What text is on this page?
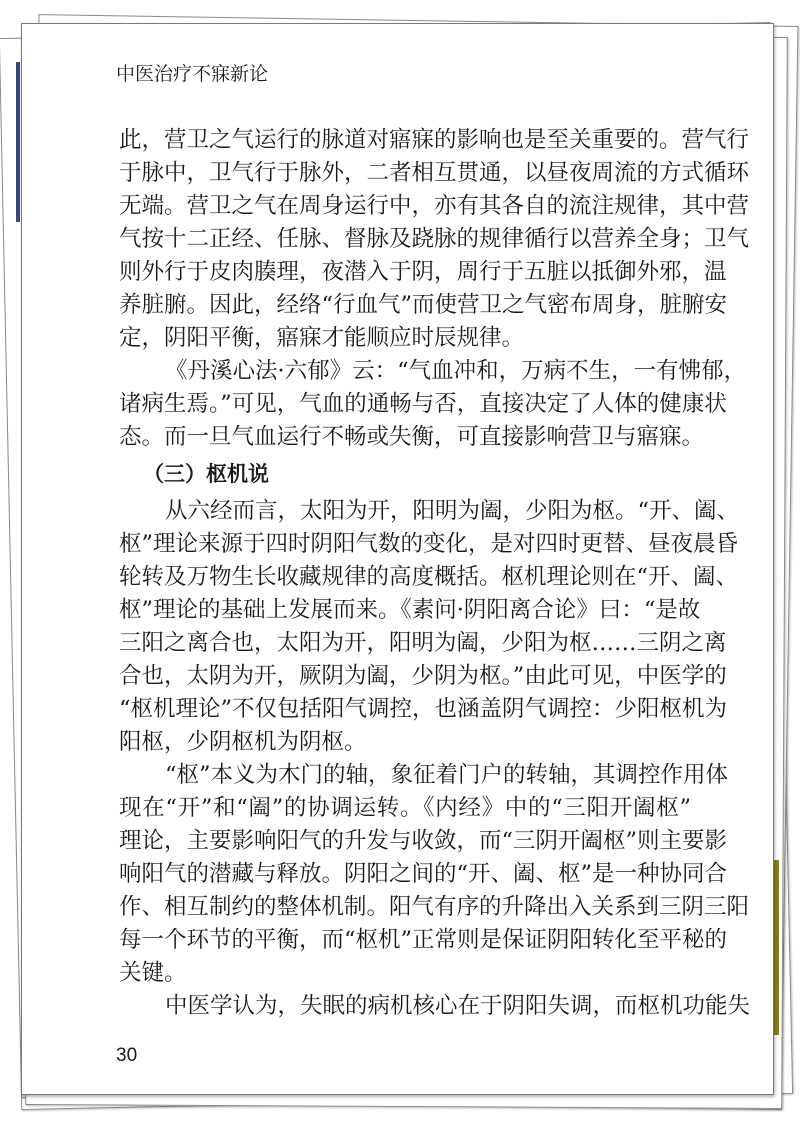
中医治疗不寐新论
此，营卫之气运行的脉道对寤寐的影响也是至关重要的。营气行
于脉中，卫气行于脉外，二者相互贯通，以昼夜周流的方式循环
无端。营卫之气在周身运行中，亦有其各自的流注规律，其中营
气按十二正经、任脉、督脉及跷脉的规律循行以营养全身；卫气
则外行于皮肉腠理，夜潜入于阴，周行于五脏以抵御外邪，温
养脏腑。因此，经络“行血气”而使营卫之气密布周身，脏腑安
定，阴阳平衡，寤寐才能顺应时辰规律。
《丹溪心法·六郁》云：“气血冲和，万病不生，一有怫郁，
诸病生焉。”可见，气血的通畅与否，直接决定了人体的健康状
态。而一旦气血运行不畅或失衡，可直接影响营卫与寤寐。
（三）枢机说
从六经而言，太阳为开，阳明为阖，少阳为枢。“开、阖、
枢”理论来源于四时阴阳气数的变化，是对四时更替、昼夜晨昏
轮转及万物生长收藏规律的高度概括。枢机理论则在“开、阖、
枢”理论的基础上发展而来。《素问·阴阳离合论》曰：“是故
三阳之离合也，太阳为开，阳明为阖，少阳为枢……三阴之离
合也，太阴为开，厥阴为阖，少阴为枢。”由此可见，中医学的
“枢机理论”不仅包括阳气调控，也涵盖阴气调控：少阳枢机为
阳枢，少阴枢机为阴枢。
“枢”本义为木门的轴，象征着门户的转轴，其调控作用体
现在“开”和“阖”的协调运转。《内经》中的“三阳开阖枢”
理论，主要影响阳气的升发与收敛，而“三阴开阖枢”则主要影
响阳气的潜藏与释放。阴阳之间的“开、阖、枢”是一种协同合
作、相互制约的整体机制。阳气有序的升降出入关系到三阴三阳
每一个环节的平衡，而“枢机”正常则是保证阴阳转化至平秘的
关键。
中医学认为，失眠的病机核心在于阴阳失调，而枢机功能失
30
